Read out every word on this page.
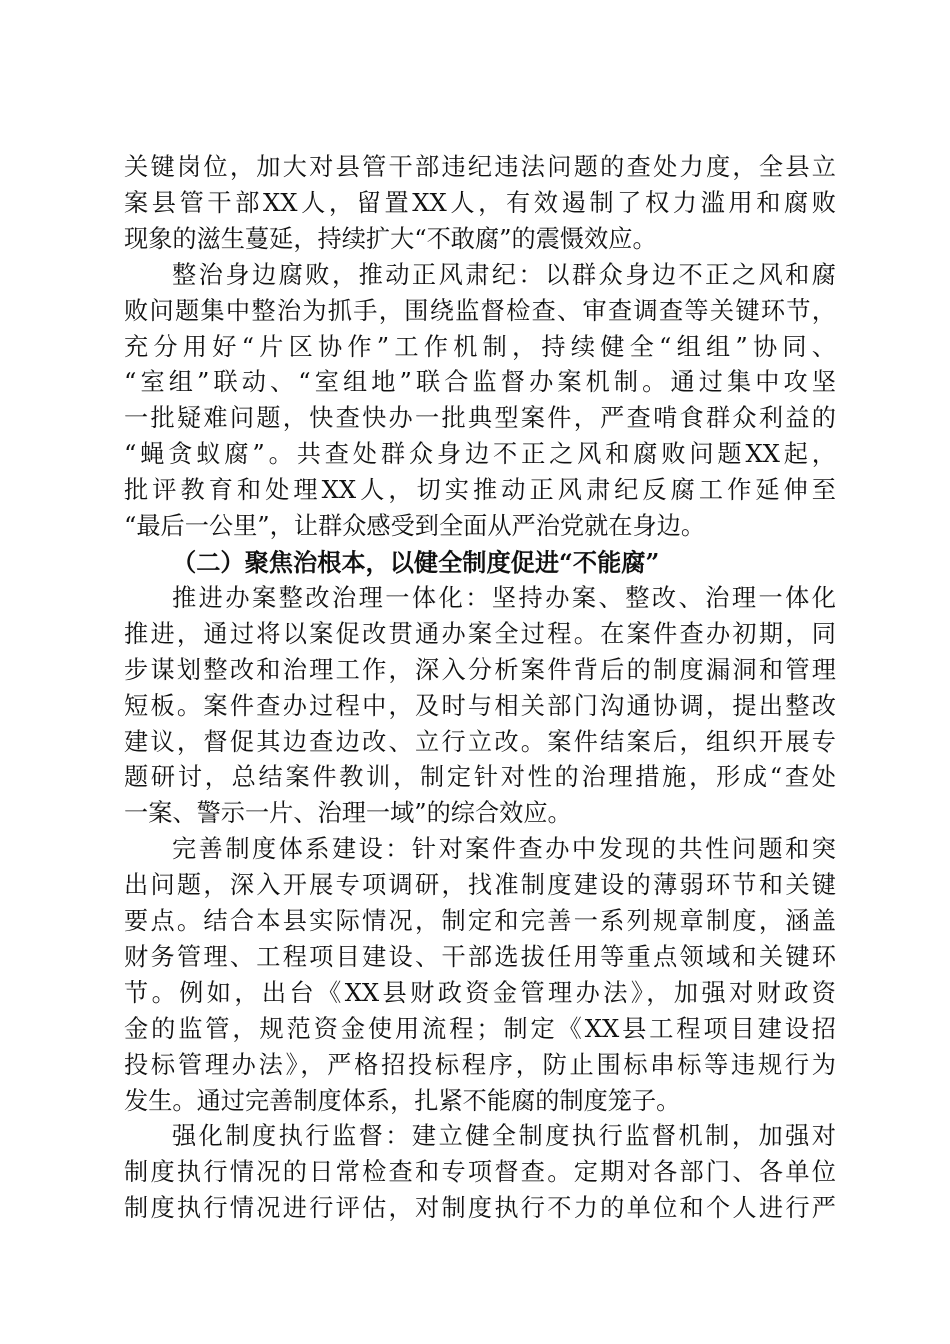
关键岗位，加大对县管干部违纪违法问题的查处力度，全县立
案县管干部XX人，留置XX人，有效遏制了权力滥用和腐败
现象的滋生蔓延，持续扩大“不敢腐”的震慑效应。
整治身边腐败，推动正风肃纪：以群众身边不正之风和腐
败问题集中整治为抓手，围绕监督检查、审查调查等关键环节，
充分用好“片区协作”工作机制，持续健全“组组”协同、
“室组”联动、“室组地”联合监督办案机制。通过集中攻坚
一批疑难问题，快查快办一批典型案件，严查啃食群众利益的
“蝇贪蚁腐”。共查处群众身边不正之风和腐败问题XX起，
批评教育和处理XX人，切实推动正风肃纪反腐工作延伸至
“最后一公里”，让群众感受到全面从严治党就在身边。
（二）聚焦治根本，以健全制度促进“不能腐”
推进办案整改治理一体化：坚持办案、整改、治理一体化
推进，通过将以案促改贯通办案全过程。在案件查办初期，同
步谋划整改和治理工作，深入分析案件背后的制度漏洞和管理
短板。案件查办过程中，及时与相关部门沟通协调，提出整改
建议，督促其边查边改、立行立改。案件结案后，组织开展专
题研讨，总结案件教训，制定针对性的治理措施，形成“查处
一案、警示一片、治理一域”的综合效应。
完善制度体系建设：针对案件查办中发现的共性问题和突
出问题，深入开展专项调研，找准制度建设的薄弱环节和关键
要点。结合本县实际情况，制定和完善一系列规章制度，涵盖
财务管理、工程项目建设、干部选拔任用等重点领域和关键环
节。例如，出台《XX县财政资金管理办法》，加强对财政资
金的监管，规范资金使用流程；制定《XX县工程项目建设招
投标管理办法》，严格招投标程序，防止围标串标等违规行为
发生。通过完善制度体系，扎紧不能腐的制度笼子。
强化制度执行监督：建立健全制度执行监督机制，加强对
制度执行情况的日常检查和专项督查。定期对各部门、各单位
制度执行情况进行评估，对制度执行不力的单位和个人进行严
